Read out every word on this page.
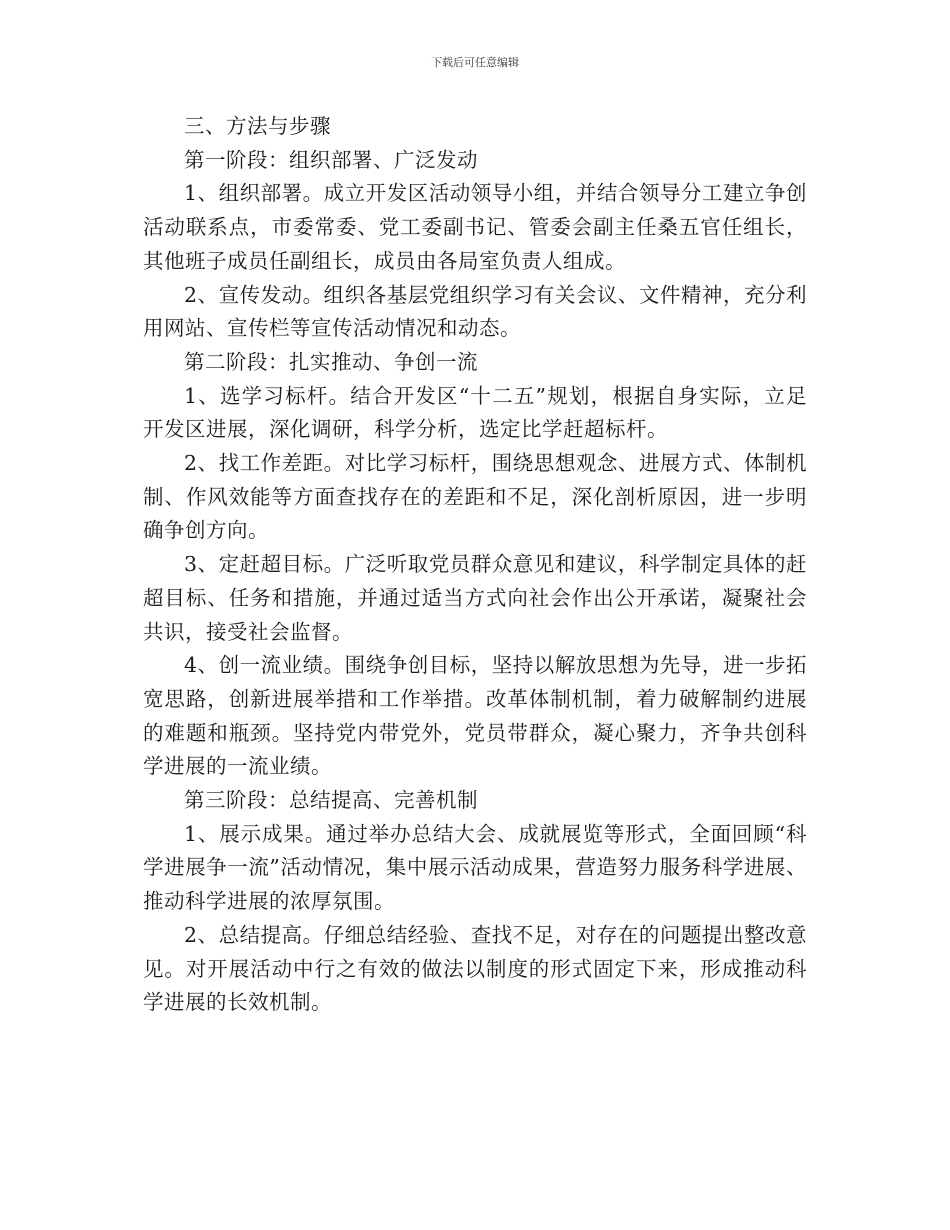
下载后可任意编辑

三、方法与步骤

第一阶段：组织部署、广泛发动

1、组织部署。成立开发区活动领导小组，并结合领导分工建立争创活动联系点，市委常委、党工委副书记、管委会副主任桑五官任组长，其他班子成员任副组长，成员由各局室负责人组成。

2、宣传发动。组织各基层党组织学习有关会议、文件精神，充分利用网站、宣传栏等宣传活动情况和动态。

第二阶段：扎实推动、争创一流

1、选学习标杆。结合开发区“十二五”规划，根据自身实际，立足开发区进展，深化调研，科学分析，选定比学赶超标杆。

2、找工作差距。对比学习标杆，围绕思想观念、进展方式、体制机制、作风效能等方面查找存在的差距和不足，深化剖析原因，进一步明确争创方向。

3、定赶超目标。广泛听取党员群众意见和建议，科学制定具体的赶超目标、任务和措施，并通过适当方式向社会作出公开承诺，凝聚社会共识，接受社会监督。

4、创一流业绩。围绕争创目标，坚持以解放思想为先导，进一步拓宽思路，创新进展举措和工作举措。改革体制机制，着力破解制约进展的难题和瓶颈。坚持党内带党外，党员带群众，凝心聚力，齐争共创科学进展的一流业绩。

第三阶段：总结提高、完善机制

1、展示成果。通过举办总结大会、成就展览等形式，全面回顾“科学进展争一流”活动情况，集中展示活动成果，营造努力服务科学进展、推动科学进展的浓厚氛围。

2、总结提高。仔细总结经验、查找不足，对存在的问题提出整改意见。对开展活动中行之有效的做法以制度的形式固定下来，形成推动科学进展的长效机制。
